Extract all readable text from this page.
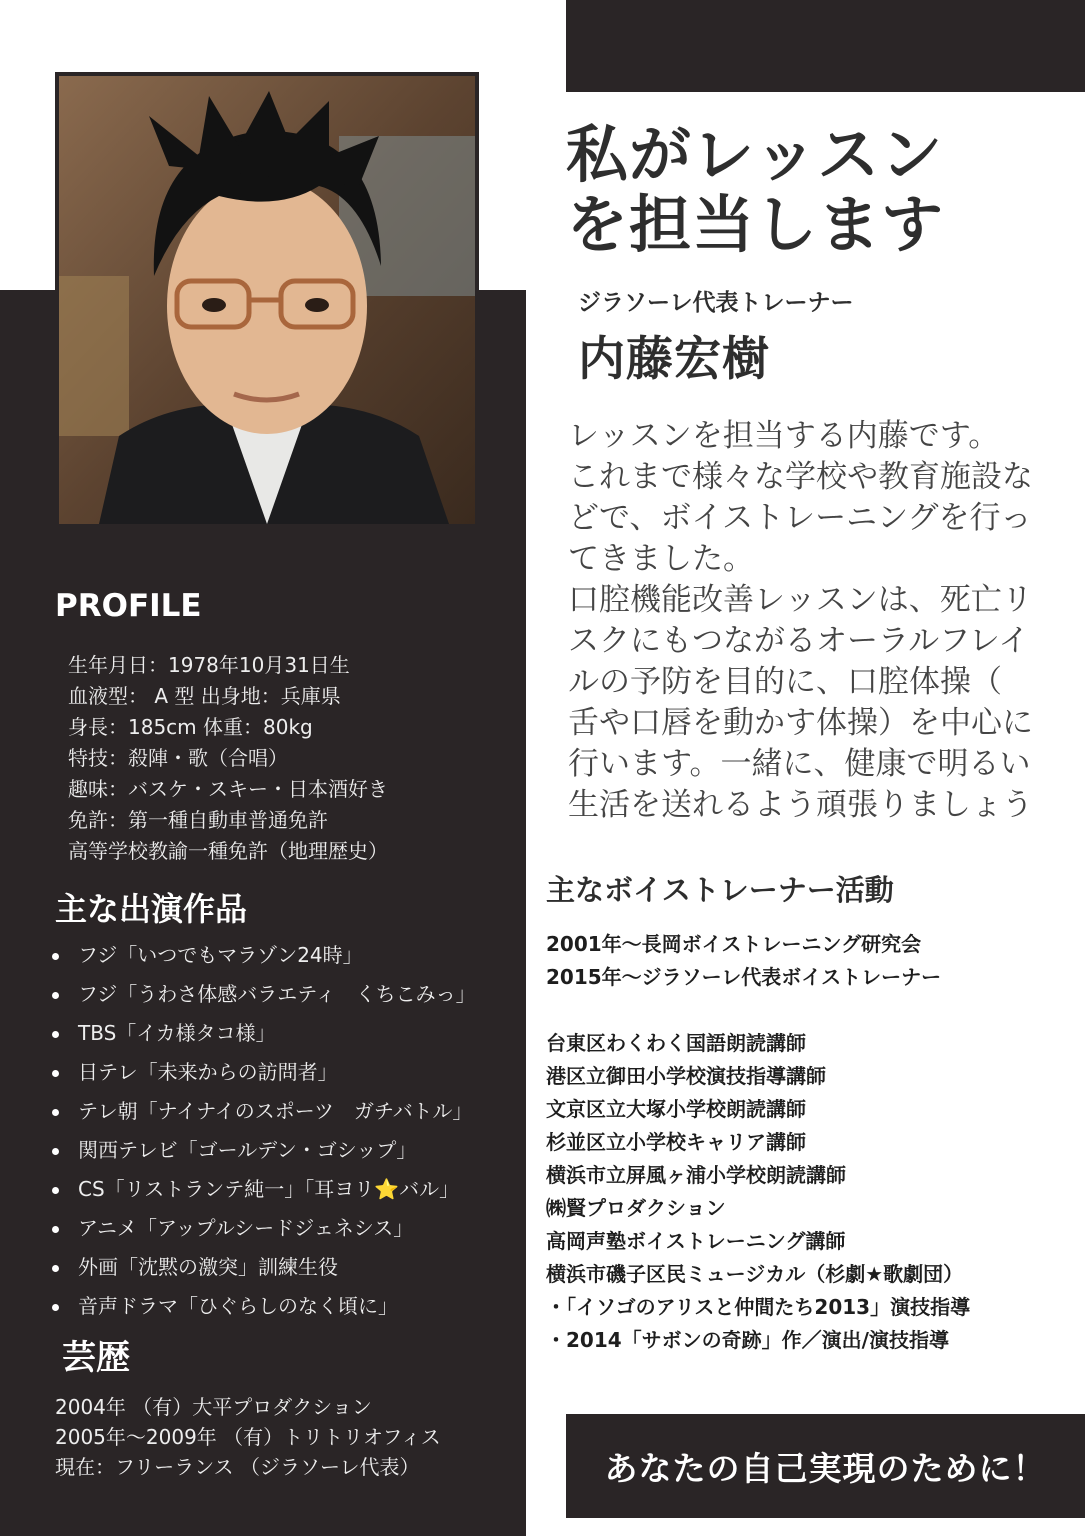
私がレッスン
を担当します
ジラソーレ代表トレーナー
内藤宏樹
レッスンを担当する内藤です。
これまで様々な学校や教育施設な
どで、ボイストレーニングを行っ
てきました。
口腔機能改善レッスンは、死亡リ
スクにもつながるオーラルフレイ
ルの予防を目的に、口腔体操（
舌や口唇を動かす体操）を中心に
行います。一緒に、健康で明るい
生活を送れるよう頑張りましょう
主なボイストレーナー活動
2001年〜長岡ボイストレーニング研究会
2015年〜ジラソーレ代表ボイストレーナー
台東区わくわく国語朗読講師
港区立御田小学校演技指導講師
文京区立大塚小学校朗読講師
杉並区立小学校キャリア講師
横浜市立屏風ヶ浦小学校朗読講師
㈱賢プロダクション
高岡声塾ボイストレーニング講師
横浜市磯子区民ミュージカル（杉劇★歌劇団）
・「イソゴのアリスと仲間たち2013」演技指導
・2014「サボンの奇跡」作／演出/演技指導
あなたの自己実現のために！
PROFILE
生年月日：1978年10月31日生
血液型： A 型 出身地：兵庫県
身長：185cm 体重：80kg
特技：殺陣・歌（合唱）
趣味：バスケ・スキー・日本酒好き
免許：第一種自動車普通免許
高等学校教諭一種免許（地理歴史）
主な出演作品
フジ「いつでもマラゾン24時」
フジ「うわさ体感バラエティ　くちこみっ」
TBS「イカ様タコ様」
日テレ「未来からの訪問者」
テレ朝「ナイナイのスポーツ　ガチバトル」
関西テレビ「ゴールデン・ゴシップ」
CS「リストランテ純一」「耳ヨリ⭐バル」
アニメ「アップルシードジェネシス」
外画「沈黙の激突」訓練生役
音声ドラマ「ひぐらしのなく頃に」
芸歴
2004年 （有）大平プロダクション
2005年〜2009年 （有）トリトリオフィス
現在：フリーランス （ジラソーレ代表）
